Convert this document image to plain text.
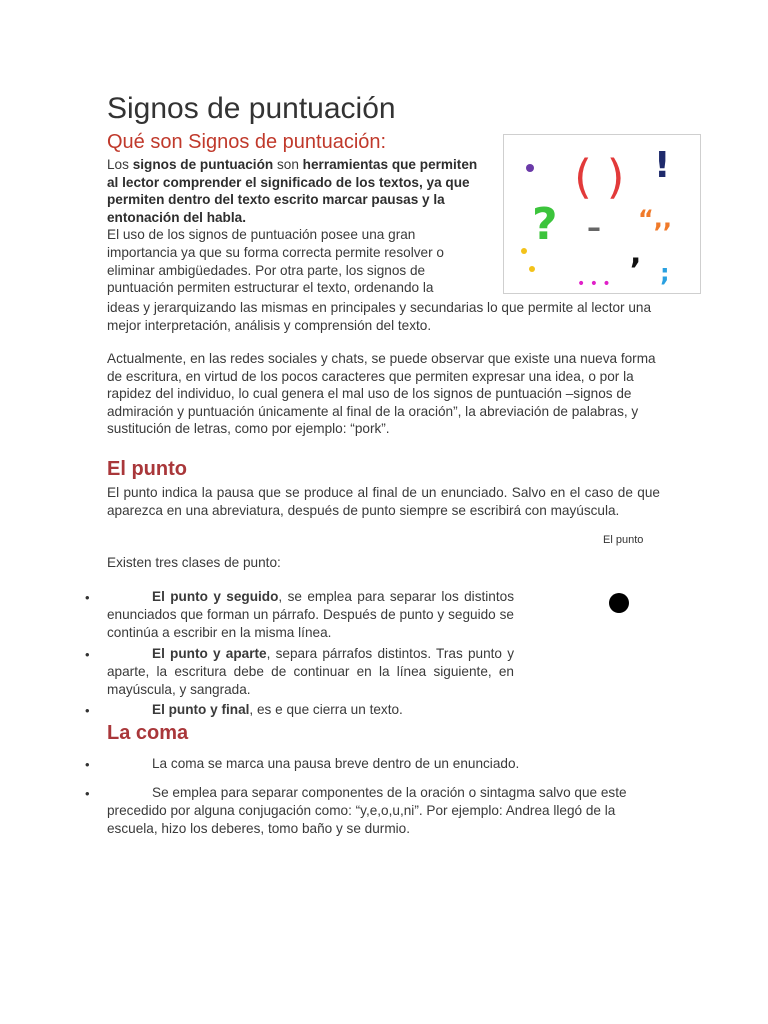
Signos de puntuación
Qué son Signos de puntuación:
Los signos de puntuación son herramientas que permiten al lector comprender el significado de los textos, ya que permiten dentro del texto escrito marcar pausas y la entonación del habla.
El uso de los signos de puntuación posee una gran
importancia ya que su forma correcta permite resolver o
eliminar ambigüedades. Por otra parte, los signos de
puntuación permiten estructurar el texto, ordenando la
ideas y jerarquizando las mismas en principales y secundarias lo que permite al lector una mejor interpretación, análisis y comprensión del texto.
( ) !
? – “,,
,
;
• • •
Actualmente, en las redes sociales y chats, se puede observar que existe una nueva forma de escritura, en virtud de los pocos caracteres que permiten expresar una idea, o por la rapidez del individuo, lo cual genera el mal uso de los signos de puntuación –signos de admiración y puntuación únicamente al final de la oración”, la abreviación de palabras, y sustitución de letras, como por ejemplo: “pork”.
El punto
El punto indica la pausa que se produce al final de un enunciado. Salvo en el caso de que aparezca en una abreviatura, después de punto siempre se escribirá con mayúscula.
Existen tres clases de punto:
El punto
•	El punto y seguido, se emplea para separar los distintos enunciados que forman un párrafo. Después de punto y seguido se continúa a escribir en la misma línea.
•	El punto y aparte, separa párrafos distintos. Tras punto y aparte, la escritura debe de continuar en la línea siguiente, en mayúscula, y sangrada.
•	El punto y final, es e que cierra un texto.
La coma
•	La coma se marca una pausa breve dentro de un enunciado.
•	Se emplea para separar componentes de la oración o sintagma salvo que este precedido por alguna conjugación como: “y,e,o,u,ni”. Por ejemplo: Andrea llegó de la escuela, hizo los deberes, tomo baño y se durmio.
